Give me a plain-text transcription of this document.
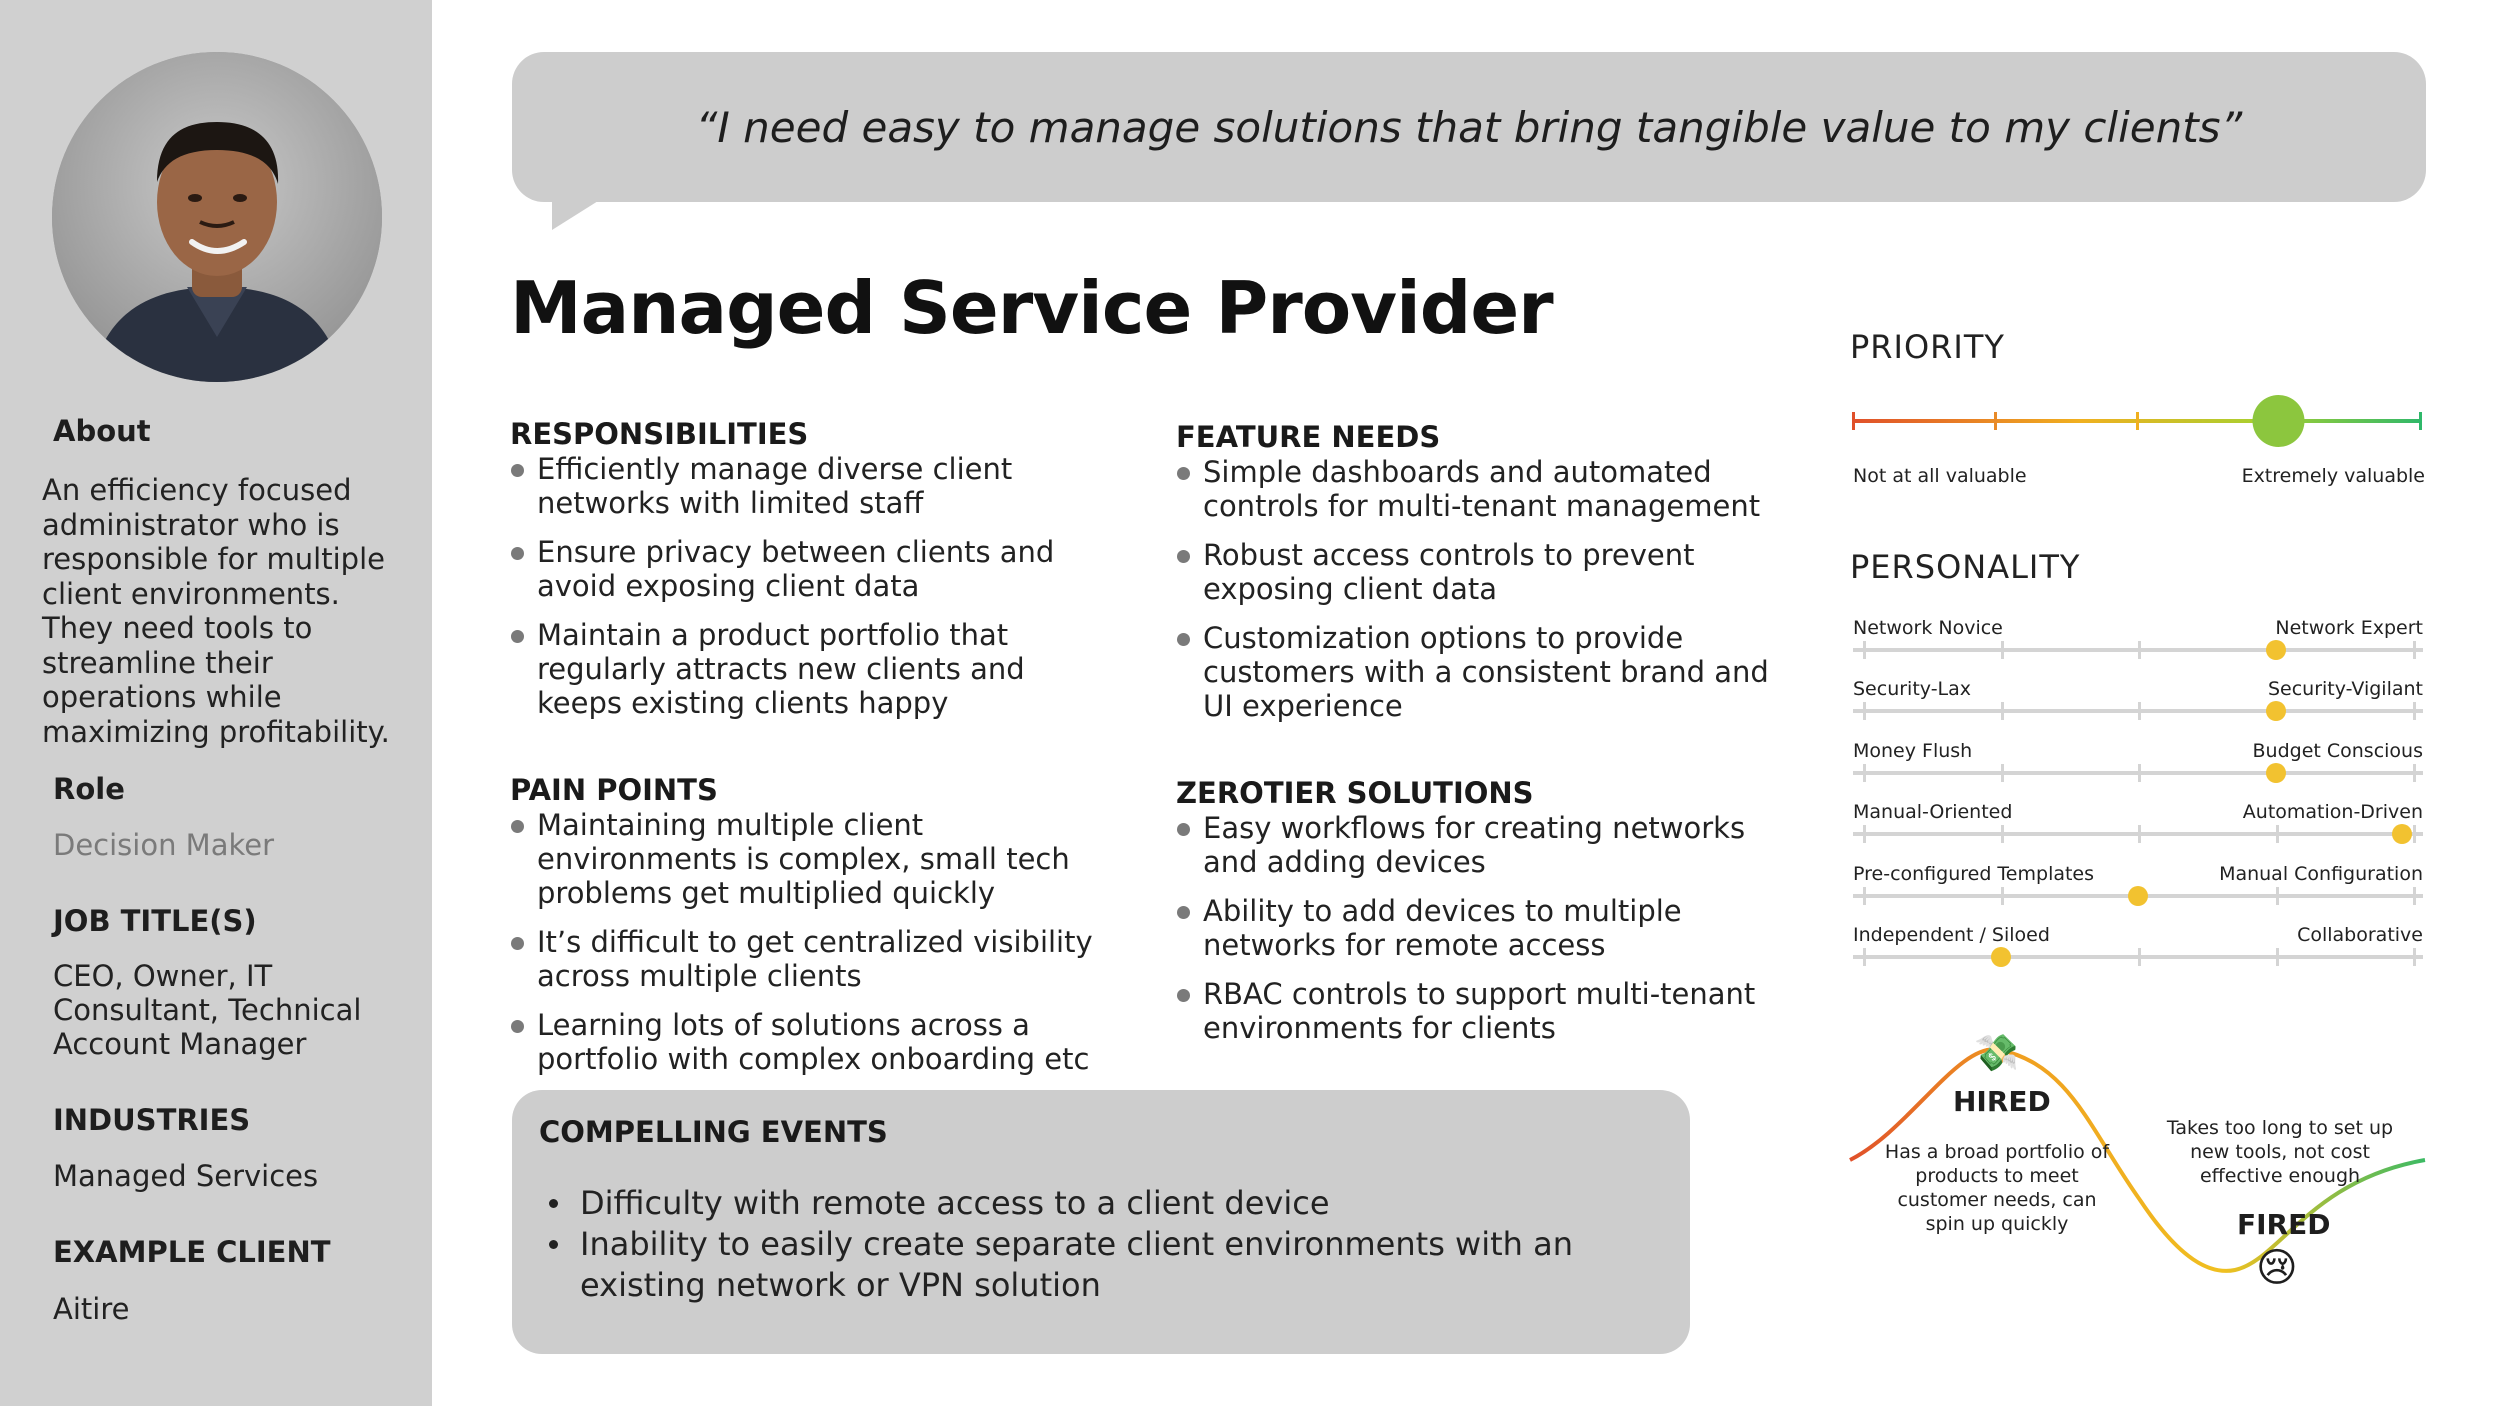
About
An efficiency focused administrator who is responsible for multiple client environments. They need tools to streamline their operations while maximizing profitability.
Role
Decision Maker
JOB TITLE(S)
CEO, Owner, IT Consultant, Technical Account Manager
INDUSTRIES
Managed Services
EXAMPLE CLIENT
Aitire
“I need easy to manage solutions that bring tangible value to my clients”
Managed Service Provider
RESPONSIBILITIES
Efficiently manage diverse client networks with limited staff
Ensure privacy between clients and avoid exposing client data
Maintain a product portfolio that regularly attracts new clients and keeps existing clients happy
PAIN POINTS
Maintaining multiple client environments is complex, small tech problems get multiplied quickly
It’s difficult to get centralized visibility across multiple clients
Learning lots of solutions across a portfolio with complex onboarding etc
FEATURE NEEDS
Simple dashboards and automated controls for multi-tenant management
Robust access controls to prevent exposing client data
Customization options to provide customers with a consistent brand and UI experience
ZEROTIER SOLUTIONS
Easy workflows for creating networks and adding devices
Ability to add devices to multiple networks for remote access
RBAC controls to support multi-tenant environments for clients
COMPELLING EVENTS
Difficulty with remote access to a client device
Inability to easily create separate client environments with an existing network or VPN solution
PRIORITY
Not at all valuable	Extremely valuable
PERSONALITY
Network Novice	Network Expert
Security-Lax	Security-Vigilant
Money Flush	Budget Conscious
Manual-Oriented	Automation-Driven
Pre-configured Templates	Manual Configuration
Independent / Siloed	Collaborative
💸
HIRED
Has a broad portfolio of products to meet customer needs, can spin up quickly
Takes too long to set up new tools, not cost effective enough
FIRED
😢
